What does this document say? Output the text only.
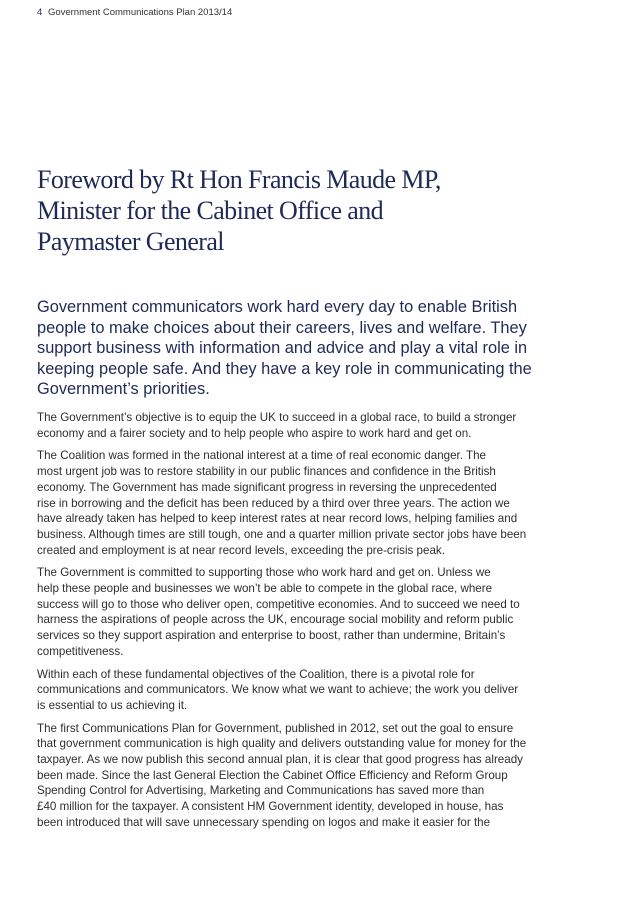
4 Government Communications Plan 2013/14
Foreword by Rt Hon Francis Maude MP,
Minister for the Cabinet Office and
Paymaster General

Government communicators work hard every day to enable British
people to make choices about their careers, lives and welfare. They
support business with information and advice and play a vital role in
keeping people safe. And they have a key role in communicating the
Government’s priorities.

The Government’s objective is to equip the UK to succeed in a global race, to build a stronger
economy and a fairer society and to help people who aspire to work hard and get on.

The Coalition was formed in the national interest at a time of real economic danger. The
most urgent job was to restore stability in our public finances and confidence in the British
economy. The Government has made significant progress in reversing the unprecedented
rise in borrowing and the deficit has been reduced by a third over three years. The action we
have already taken has helped to keep interest rates at near record lows, helping families and
business. Although times are still tough, one and a quarter million private sector jobs have been
created and employment is at near record levels, exceeding the pre-crisis peak.

The Government is committed to supporting those who work hard and get on. Unless we
help these people and businesses we won’t be able to compete in the global race, where
success will go to those who deliver open, competitive economies. And to succeed we need to
harness the aspirations of people across the UK, encourage social mobility and reform public
services so they support aspiration and enterprise to boost, rather than undermine, Britain’s
competitiveness.

Within each of these fundamental objectives of the Coalition, there is a pivotal role for
communications and communicators. We know what we want to achieve; the work you deliver
is essential to us achieving it.

The first Communications Plan for Government, published in 2012, set out the goal to ensure
that government communication is high quality and delivers outstanding value for money for the
taxpayer. As we now publish this second annual plan, it is clear that good progress has already
been made. Since the last General Election the Cabinet Office Efficiency and Reform Group
Spending Control for Advertising, Marketing and Communications has saved more than
£40 million for the taxpayer. A consistent HM Government identity, developed in house, has
been introduced that will save unnecessary spending on logos and make it easier for the
